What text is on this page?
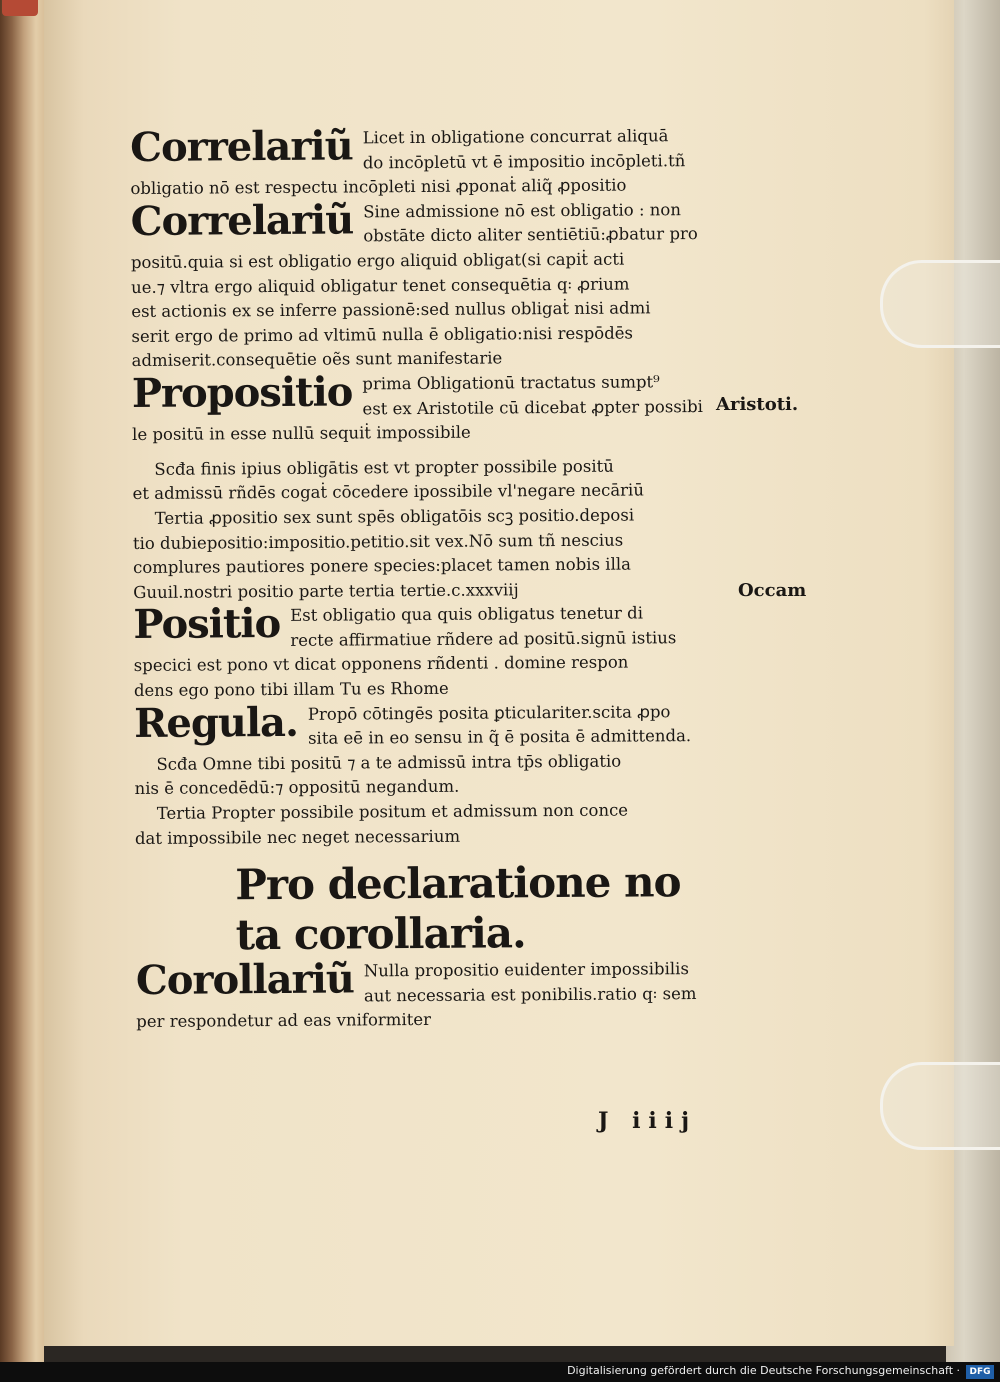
Correlariũ Licet in obligatione concurrat aliquā
do incōpletū vt ē impositio incōpleti.tñ
obligatio nō est respectu incōpleti nisi ꝓponaṫ aliq̃ ꝓpositio
Correlariũ Sine admissione nō est obligatio : non
obstāte dicto aliter sentiētiū:ꝓbatur pro
positū.quia si est obligatio ergo aliquid obligat(si capiṫ acti
ue.⁊ vltra ergo aliquid obligatur tenet consequētia q꞉ ꝓrium
est actionis ex se inferre passionē:sed nullus obligaṫ nisi admi
serit ergo de primo ad vltimū nulla ē obligatio:nisi respōdēs
admiserit.consequētie oẽs sunt manifestarie
Propositio prima Obligationū tractatus sumpt⁹
est ex Aristotile cū dicebat ꝓpter possibi
le positū in esse nullū sequiṫ impossibile
Scđa finis ipius obligātis est vt propter possibile positū
et admissū rñdēs cogaṫ cōcedere ipossibile vl'negare necāriū
Tertia ꝓpositio sex sunt spēs obligatōis scꝫ positio.deposi
tio dubiepositio:impositio.petitio.sit vex.Nō sum tñ nescius
complures pautiores ponere species:placet tamen nobis illa
Guuil.nostri positio parte tertia tertie.c.xxxviij
Positio Est obligatio qua quis obligatus tenetur di
recte affirmatiue rñdere ad positū.signū istius
specici est pono vt dicat opponens rñdenti . domine respon
dens ego pono tibi illam Tu es Rhome
Regula. Propō cōtingēs posita ꝑticulariter.scita ꝓpo
sita eē in eo sensu in q̃ ē posita ē admittenda.
Scđa Omne tibi positū ⁊ a te admissū intra tp̄s obligatio
nis ē concedēdū:⁊ oppositū negandum.
Tertia Propter possibile positum et admissum non conce
dat impossibile nec neget necessarium
Pro declaratione no
ta corollaria.
Corollariũ Nulla propositio euidenter impossibilis
aut necessaria est ponibilis.ratio q꞉ sem
per respondetur ad eas vniformiter
Aristoti.
Occam
J iiij
Digitalisierung gefördert durch die Deutsche Forschungsgemeinschaft ·	DFG
